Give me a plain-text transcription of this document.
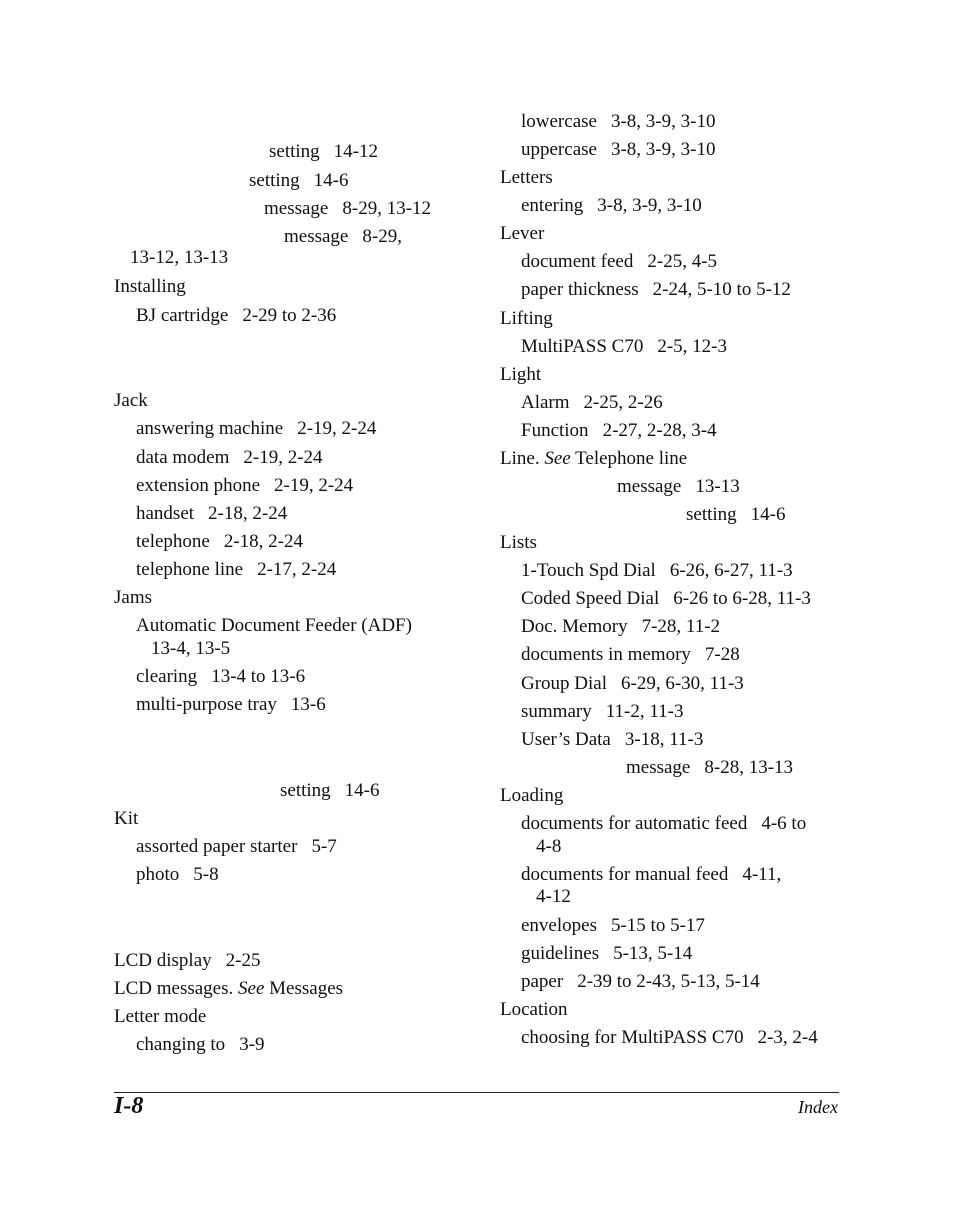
setting 14-12
setting 14-6
message 8-29, 13-12
message 8-29,
13-12, 13-13
Installing
BJ cartridge 2-29 to 2-36
Jack
answering machine 2-19, 2-24
data modem 2-19, 2-24
extension phone 2-19, 2-24
handset 2-18, 2-24
telephone 2-18, 2-24
telephone line 2-17, 2-24
Jams
Automatic Document Feeder (ADF)
13-4, 13-5
clearing 13-4 to 13-6
multi-purpose tray 13-6
setting 14-6
Kit
assorted paper starter 5-7
photo 5-8
LCD display 2-25
LCD messages. See Messages
Letter mode
changing to 3-9
lowercase 3-8, 3-9, 3-10
uppercase 3-8, 3-9, 3-10
Letters
entering 3-8, 3-9, 3-10
Lever
document feed 2-25, 4-5
paper thickness 2-24, 5-10 to 5-12
Lifting
MultiPASS C70 2-5, 12-3
Light
Alarm 2-25, 2-26
Function 2-27, 2-28, 3-4
Line. See Telephone line
message 13-13
setting 14-6
Lists
1-Touch Spd Dial 6-26, 6-27, 11-3
Coded Speed Dial 6-26 to 6-28, 11-3
Doc. Memory 7-28, 11-2
documents in memory 7-28
Group Dial 6-29, 6-30, 11-3
summary 11-2, 11-3
User’s Data 3-18, 11-3
message 8-28, 13-13
Loading
documents for automatic feed 4-6 to
4-8
documents for manual feed 4-11,
4-12
envelopes 5-15 to 5-17
guidelines 5-13, 5-14
paper 2-39 to 2-43, 5-13, 5-14
Location
choosing for MultiPASS C70 2-3, 2-4
I-8	Index
